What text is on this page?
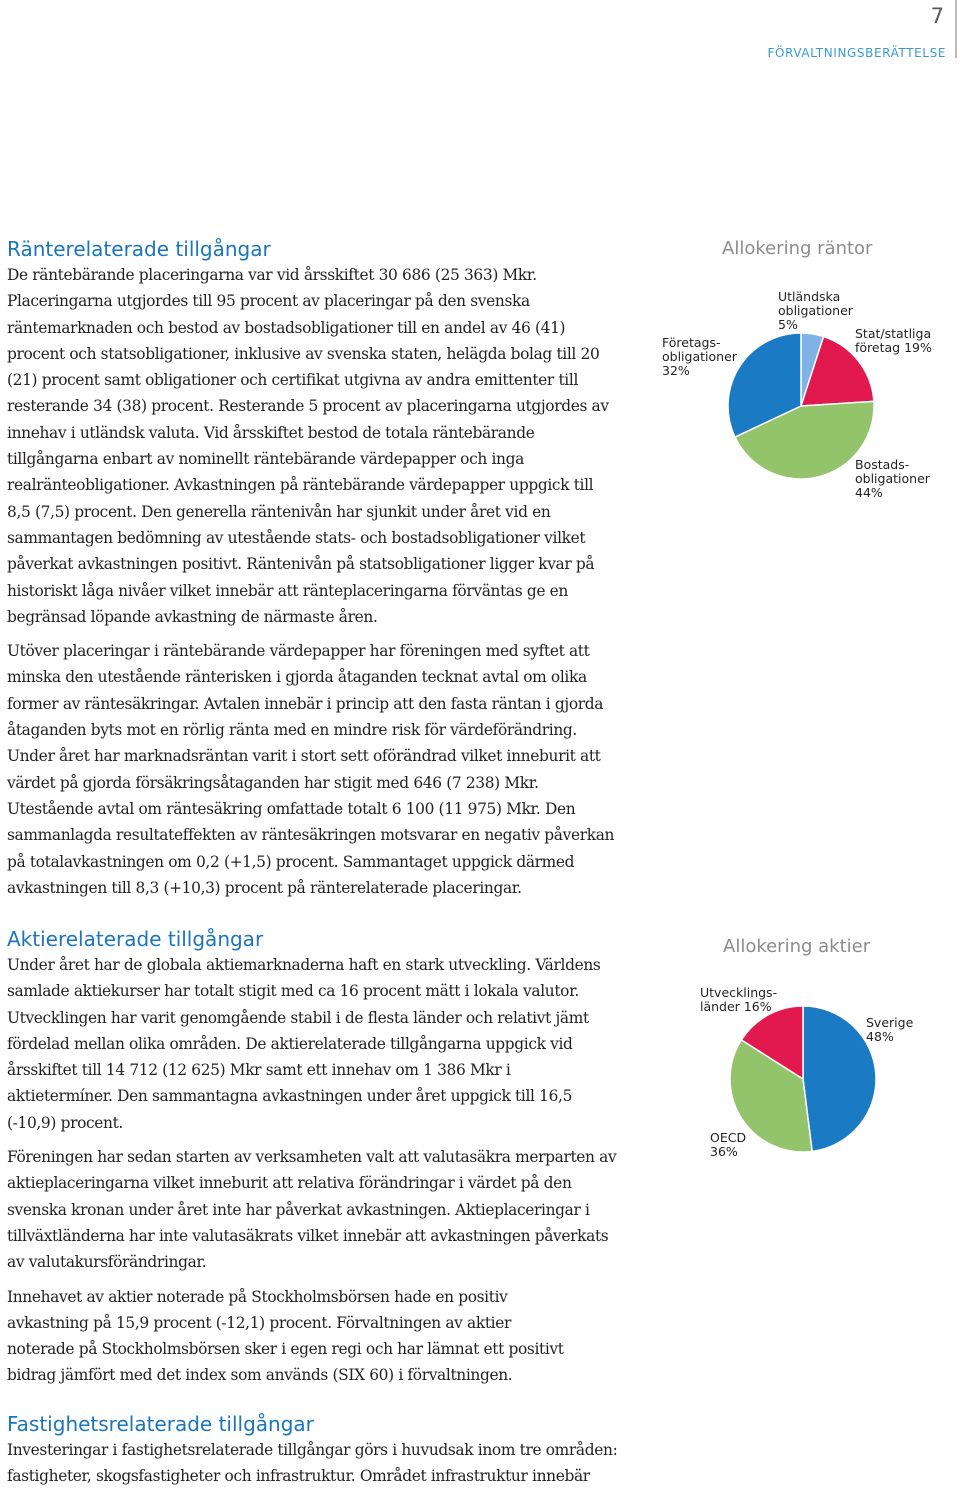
7
FÖRVALTNINGSBERÄTTELSE
Ränterelaterade tillgångar

De räntebärande placeringarna var vid årsskiftet 30 686 (25 363) Mkr. Placeringarna utgjordes till 95 procent av placeringar på den svenska räntemarknaden och bestod av bostadsobligationer till en andel av 46 (41) procent och statsobligationer, inklusive av svenska staten, helägda bolag till 20 (21) procent samt obligationer och certifikat utgivna av andra emittenter till resterande 34 (38) procent. Resterande 5 procent av placeringarna utgjordes av innehav i utländsk valuta. Vid årsskiftet bestod de totala räntebärande tillgångarna enbart av nominellt räntebärande värdepapper och inga realränteobligationer. Avkastningen på räntebärande värdepapper uppgick till 8,5 (7,5) procent. Den generella räntenivån har sjunkit under året vid en sammantagen bedömning av utestående stats- och bostadsobligationer vilket påverkat avkastningen positivt. Räntenivån på statsobligationer ligger kvar på historiskt låga nivåer vilket innebär att ränteplaceringarna förväntas ge en begränsad löpande avkastning de närmaste åren.

Utöver placeringar i räntebärande värdepapper har föreningen med syftet att minska den utestående ränterisken i gjorda åtaganden tecknat avtal om olika former av räntesäkringar. Avtalen innebär i princip att den fasta räntan i gjorda åtaganden byts mot en rörlig ränta med en mindre risk för värdeförändring. Under året har marknadsräntan varit i stort sett oförändrad vilket inneburit att värdet på gjorda försäkringsåtaganden har stigit med 646 (7 238) Mkr. Utestående avtal om räntesäkring omfattade totalt 6 100 (11 975) Mkr. Den sammanlagda resultateffekten av räntesäkringen motsvarar en negativ påverkan på totalavkastningen om 0,2 (+1,5) procent. Sammantaget uppgick därmed avkastningen till 8,3 (+10,3) procent på ränterelaterade placeringar.

Aktierelaterade tillgångar

Under året har de globala aktiemarknaderna haft en stark utveckling. Världens samlade aktiekurser har totalt stigit med ca 16 procent mätt i lokala valutor. Utvecklingen har varit genomgående stabil i de flesta länder och relativt jämt fördelad mellan olika områden. De aktierelaterade tillgångarna uppgick vid årsskiftet till 14 712 (12 625) Mkr samt ett innehav om 1 386 Mkr i aktietermíner. Den sammantagna avkastningen under året uppgick till 16,5 (-10,9) procent.

Föreningen har sedan starten av verksamheten valt att valutasäkra merparten av aktieplaceringarna vilket inneburit att relativa förändringar i värdet på den svenska kronan under året inte har påverkat avkastningen. Aktieplaceringar i tillväxtländerna har inte valutasäkrats vilket innebär att avkastningen påverkats av valutakursförändringar.

Innehavet av aktier noterade på Stockholmsbörsen hade en positiv avkastning på 15,9 procent (-12,1) procent. Förvaltningen av aktier noterade på Stockholmsbörsen sker i egen regi och har lämnat ett positivt bidrag jämfört med det index som används (SIX 60) i förvaltningen.

Fastighetsrelaterade tillgångar

Investeringar i fastighetsrelaterade tillgångar görs i huvudsak inom tre områden: fastigheter, skogsfastigheter och infrastruktur. Området infrastruktur innebär

Allokering räntor
Utländska
obligationer
5%
Stat/statliga
företag 19%
Bostads-
obligationer
44%
Företags-
obligationer
32%
Allokering aktier
Sverige
48%
OECD
36%
Utvecklings-
länder 16%
